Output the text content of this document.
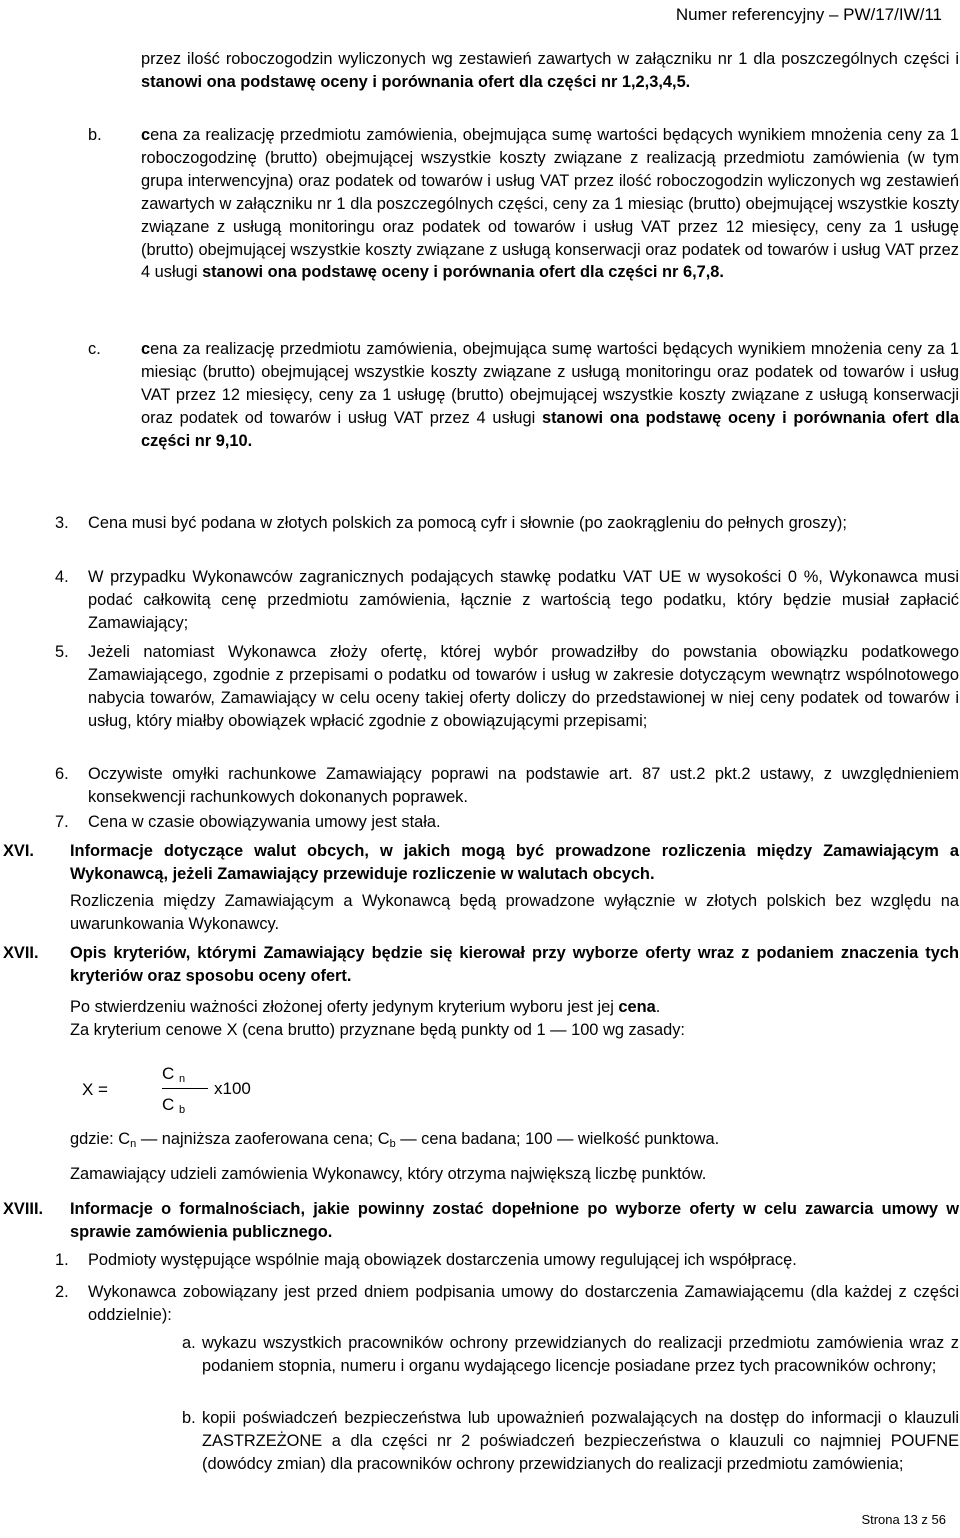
Numer referencyjny – PW/17/IW/11

przez ilość roboczogodzin wyliczonych wg zestawień zawartych w załączniku nr 1 dla poszczególnych części i stanowi ona podstawę oceny i porównania ofert dla części nr 1,2,3,4,5.

b. cena za realizację przedmiotu zamówienia, obejmująca sumę wartości będących wynikiem mnożenia ceny za 1 roboczogodzinę (brutto) obejmującej wszystkie koszty związane z realizacją przedmiotu zamówienia (w tym grupa interwencyjna) oraz podatek od towarów i usług VAT przez ilość roboczogodzin wyliczonych wg zestawień zawartych w załączniku nr 1 dla poszczególnych części, ceny za 1 miesiąc (brutto) obejmującej wszystkie koszty związane z usługą monitoringu oraz podatek od towarów i usług VAT przez 12 miesięcy, ceny za 1 usługę (brutto) obejmującej wszystkie koszty związane z usługą konserwacji oraz podatek od towarów i usług VAT przez 4 usługi stanowi ona podstawę oceny i porównania ofert dla części nr 6,7,8.

c. cena za realizację przedmiotu zamówienia, obejmująca sumę wartości będących wynikiem mnożenia ceny za 1 miesiąc (brutto) obejmującej wszystkie koszty związane z usługą monitoringu oraz podatek od towarów i usług VAT przez 12 miesięcy, ceny za 1 usługę (brutto) obejmującej wszystkie koszty związane z usługą konserwacji oraz podatek od towarów i usług VAT przez 4 usługi stanowi ona podstawę oceny i porównania ofert dla części nr 9,10.

3. Cena musi być podana w złotych polskich za pomocą cyfr i słownie (po zaokrągleniu do pełnych groszy);

4. W przypadku Wykonawców zagranicznych podających stawkę podatku VAT UE w wysokości 0 %, Wykonawca musi podać całkowitą cenę przedmiotu zamówienia, łącznie z wartością tego podatku, który będzie musiał zapłacić Zamawiający;

5. Jeżeli natomiast Wykonawca złoży ofertę, której wybór prowadziłby do powstania obowiązku podatkowego Zamawiającego, zgodnie z przepisami o podatku od towarów i usług w zakresie dotyczącym wewnątrz wspólnotowego nabycia towarów, Zamawiający w celu oceny takiej oferty doliczy do przedstawionej w niej ceny podatek od towarów i usług, który miałby obowiązek wpłacić zgodnie z obowiązującymi przepisami;

6. Oczywiste omyłki rachunkowe Zamawiający poprawi na podstawie art. 87 ust.2 pkt.2 ustawy, z uwzględnieniem konsekwencji rachunkowych dokonanych poprawek.

7. Cena w czasie obowiązywania umowy jest stała.

XVI. Informacje dotyczące walut obcych, w jakich mogą być prowadzone rozliczenia między Zamawiającym a Wykonawcą, jeżeli Zamawiający przewiduje rozliczenie w walutach obcych.

Rozliczenia między Zamawiającym a Wykonawcą będą prowadzone wyłącznie w złotych polskich bez względu na uwarunkowania Wykonawcy.

XVII. Opis kryteriów, którymi Zamawiający będzie się kierował przy wyborze oferty wraz z podaniem znaczenia tych kryteriów oraz sposobu oceny ofert.

Po stwierdzeniu ważności złożonej oferty jedynym kryterium wyboru jest jej cena.

Za kryterium cenowe X (cena brutto) przyznane będą punkty od 1 — 100 wg zasady:

X =
C n
C b
x100

gdzie: Cn — najniższa zaoferowana cena; Cb — cena badana; 100 — wielkość punktowa.

Zamawiający udzieli zamówienia Wykonawcy, który otrzyma największą liczbę punktów.

XVIII. Informacje o formalnościach, jakie powinny zostać dopełnione po wyborze oferty w celu zawarcia umowy w sprawie zamówienia publicznego.

1. Podmioty występujące wspólnie mają obowiązek dostarczenia umowy regulującej ich współpracę.

2. Wykonawca zobowiązany jest przed dniem podpisania umowy do dostarczenia Zamawiającemu (dla każdej z części oddzielnie):

a. wykazu wszystkich pracowników ochrony przewidzianych do realizacji przedmiotu zamówienia wraz z podaniem stopnia, numeru i organu wydającego licencje posiadane przez tych pracowników ochrony;

b. kopii poświadczeń bezpieczeństwa lub upoważnień pozwalających na dostęp do informacji o klauzuli ZASTRZEŻONE a dla części nr 2 poświadczeń bezpieczeństwa o klauzuli co najmniej POUFNE (dowódcy zmian) dla pracowników ochrony przewidzianych do realizacji przedmiotu zamówienia;

Strona 13 z 56
